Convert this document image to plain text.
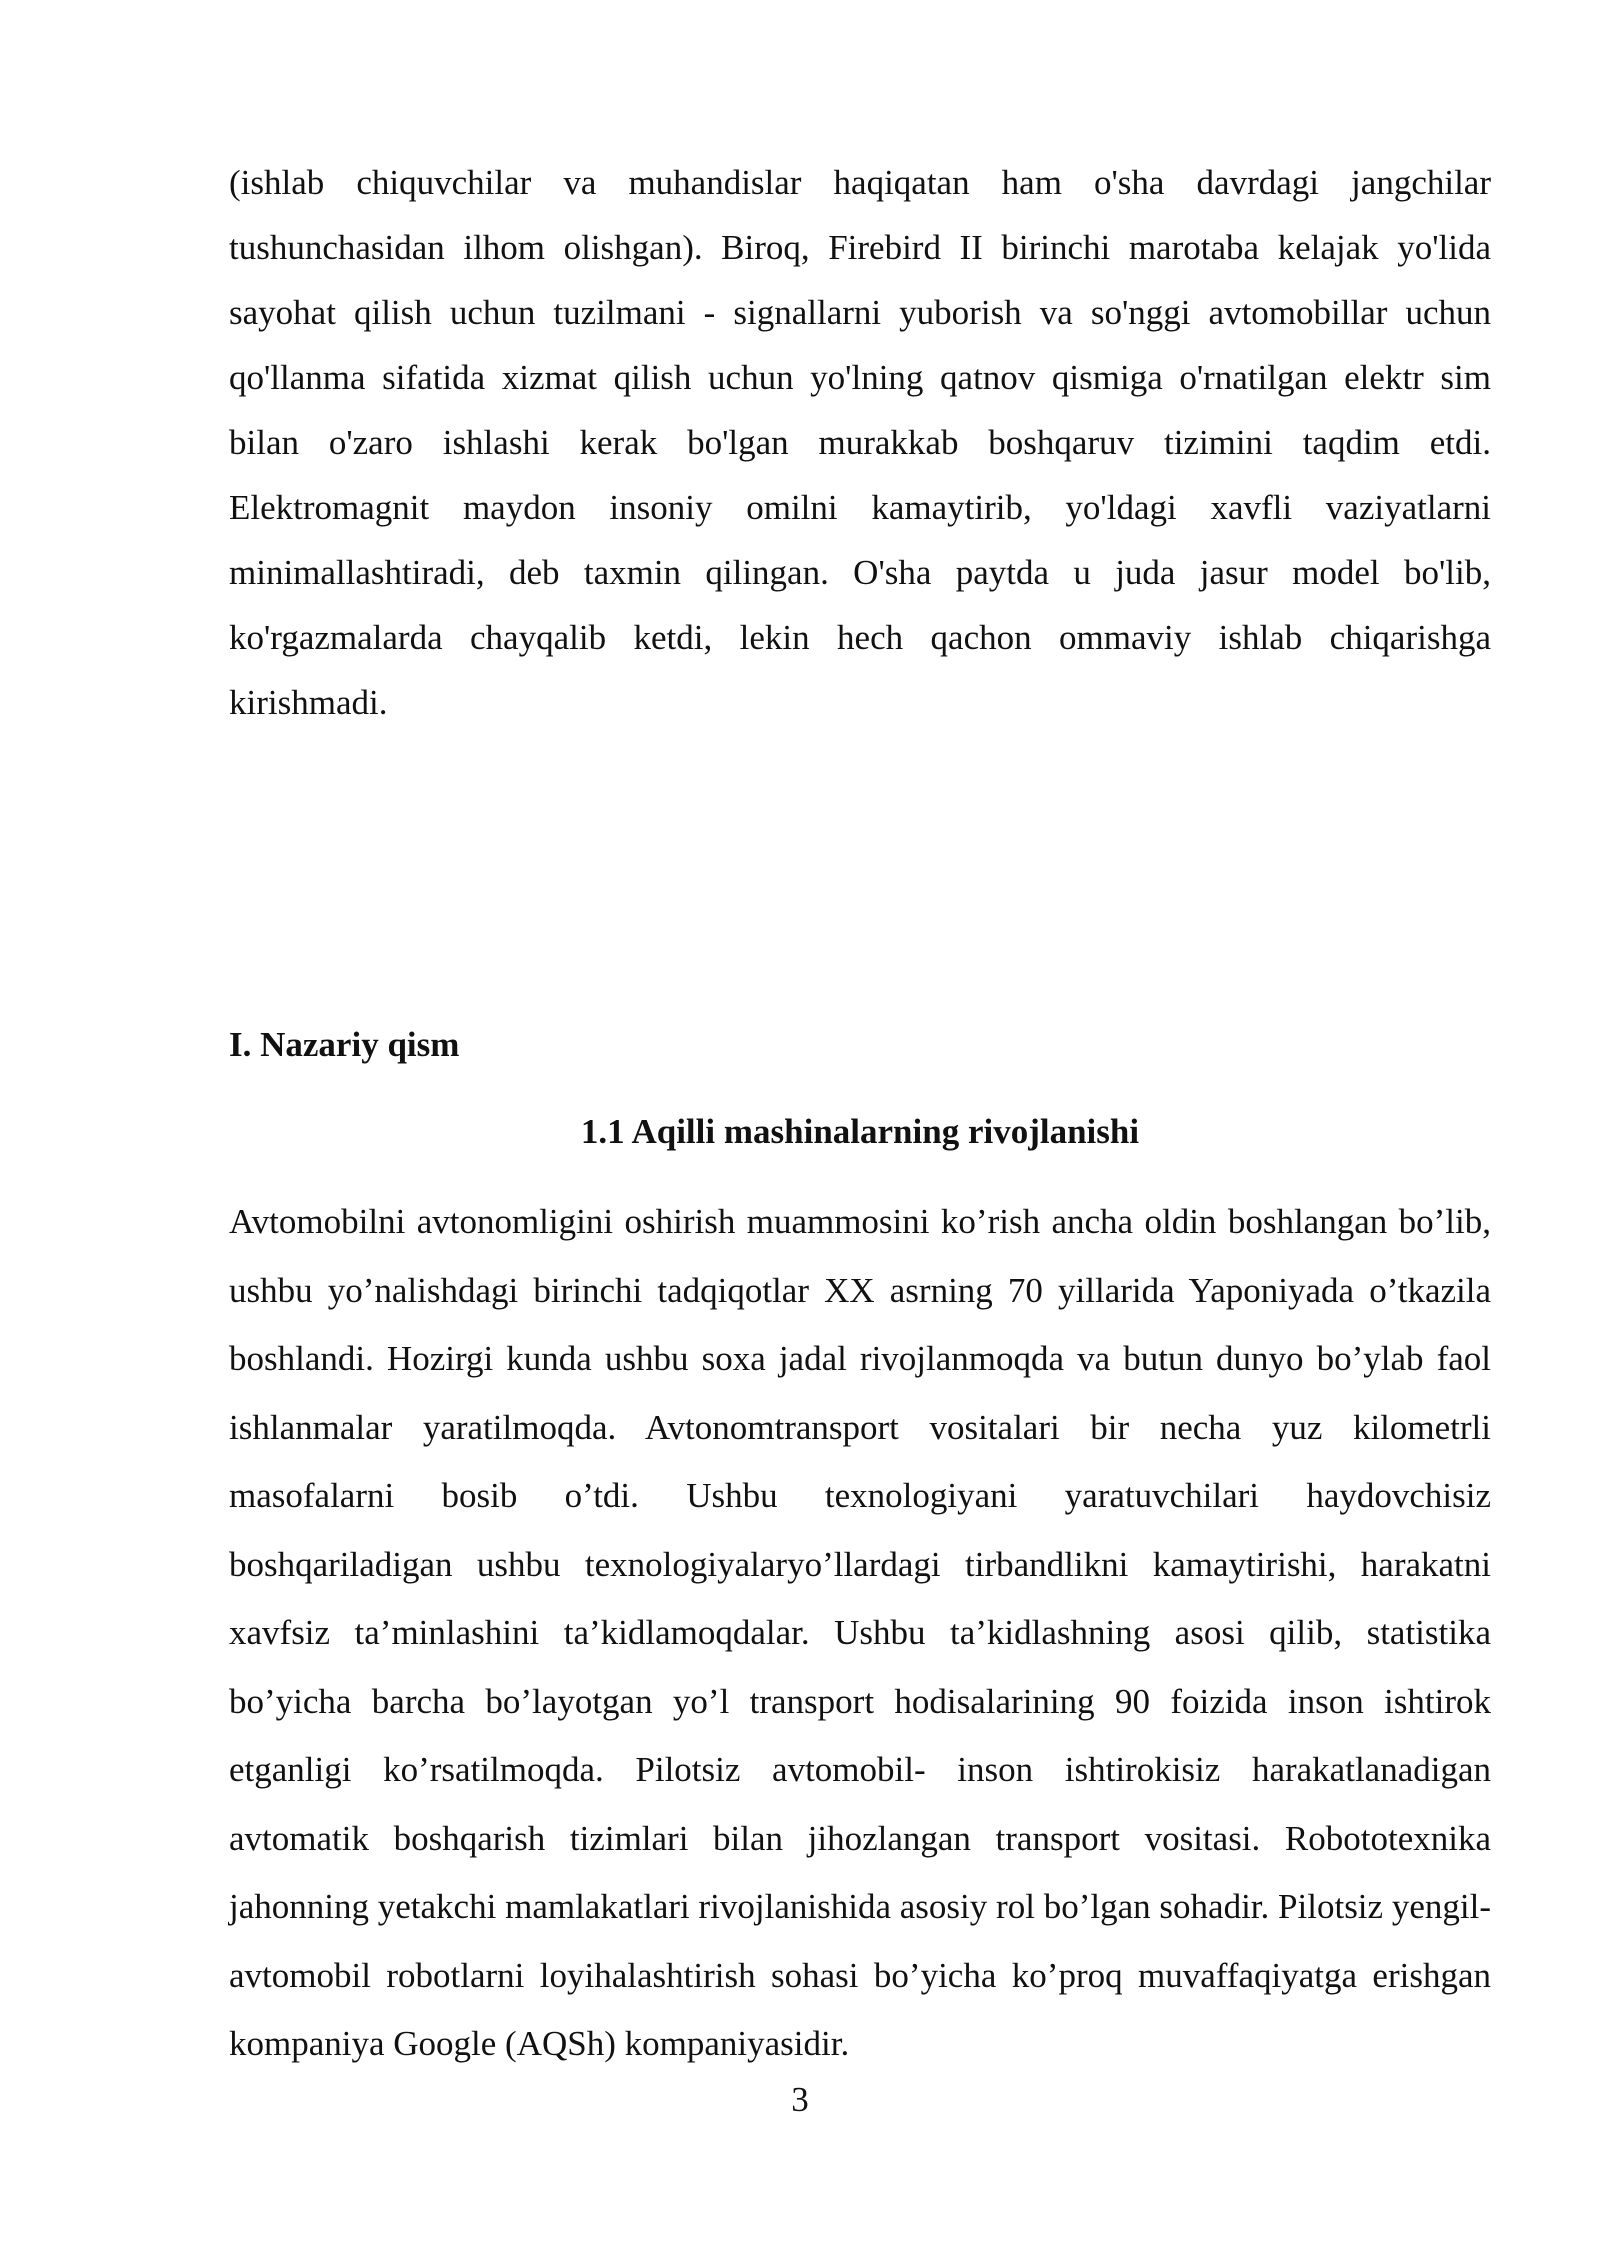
(ishlab chiquvchilar va muhandislar haqiqatan ham o'sha davrdagi jangchilar tushunchasidan ilhom olishgan). Biroq, Firebird II birinchi marotaba kelajak yo'lida sayohat qilish uchun tuzilmani - signallarni yuborish va so'nggi avtomobillar uchun qo'llanma sifatida xizmat qilish uchun yo'lning qatnov qismiga o'rnatilgan elektr sim bilan o'zaro ishlashi kerak bo'lgan murakkab boshqaruv tizimini taqdim etdi. Elektromagnit maydon insoniy omilni kamaytirib, yo'ldagi xavfli vaziyatlarni minimallashtiradi, deb taxmin qilingan. O'sha paytda u juda jasur model bo'lib, ko'rgazmalarda chayqalib ketdi, lekin hech qachon ommaviy ishlab chiqarishga kirishmadi.

I. Nazariy qism
1.1 Aqilli mashinalarning rivojlanishi

Avtomobilni avtonomligini oshirish muammosini ko’rish ancha oldin boshlangan bo’lib, ushbu yo’nalishdagi birinchi tadqiqotlar XX asrning 70 yillarida Yaponiyada o’tkazila boshlandi. Hozirgi kunda ushbu soxa jadal rivojlanmoqda va butun dunyo bo’ylab faol ishlanmalar yaratilmoqda. Avtonomtransport vositalari bir necha yuz kilometrli masofalarni bosib o’tdi. Ushbu texnologiyani yaratuvchilari haydovchisiz boshqariladigan ushbu texnologiyalaryo’llardagi tirbandlikni kamaytirishi, harakatni xavfsiz ta’minlashini ta’kidlamoqdalar. Ushbu ta’kidlashning asosi qilib, statistika bo’yicha barcha bo’layotgan yo’l transport hodisalarining 90 foizida inson ishtirok etganligi ko’rsatilmoqda. Pilotsiz avtomobil- inson ishtirokisiz harakatlanadigan avtomatik boshqarish tizimlari bilan jihozlangan transport vositasi. Robototexnika jahonning yetakchi mamlakatlari rivojlanishida asosiy rol bo’lgan sohadir. Pilotsiz yengil-avtomobil robotlarni loyihalashtirish sohasi bo’yicha ko’proq muvaffaqiyatga erishgan kompaniya Google (AQSh) kompaniyasidir.

3
